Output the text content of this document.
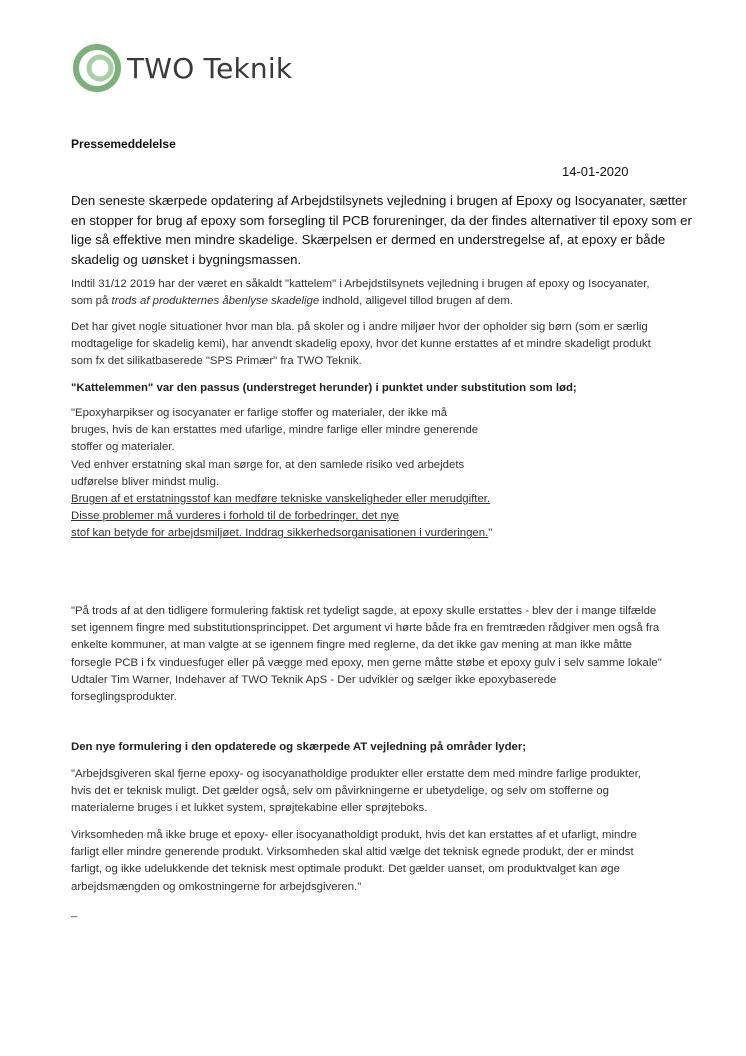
TWO Teknik
Pressemeddelelse
14-01-2020

Den seneste skærpede opdatering af Arbejdstilsynets vejledning i brugen af Epoxy og Isocyanater, sætter

en stopper for brug af epoxy som forsegling til PCB forureninger, da der findes alternativer til epoxy som er

lige så effektive men mindre skadelige. Skærpelsen er dermed en understregelse af, at epoxy er både

skadelig og uønsket i bygningsmassen.

Indtil 31/12 2019 har der været en såkaldt "kattelem" i Arbejdstilsynets vejledning i brugen af epoxy og Isocyanater,

som på trods af produkternes åbenlyse skadelige indhold, alligevel tillod brugen af dem.

Det har givet nogle situationer hvor man bla. på skoler og i andre miljøer hvor der opholder sig børn (som er særlig

modtagelige for skadelig kemi), har anvendt skadelig epoxy, hvor det kunne erstattes af et mindre skadeligt produkt

som fx det silikatbaserede "SPS Primær" fra TWO Teknik.

"Kattelemmen" var den passus (understreget herunder) i punktet under substitution som lød;

"Epoxyharpikser og isocyanater er farlige stoffer og materialer, der ikke må

bruges, hvis de kan erstattes med ufarlige, mindre farlige eller mindre generende

stoffer og materialer.

Ved enhver erstatning skal man sørge for, at den samlede risiko ved arbejdets

udførelse bliver mindst mulig.

Brugen af et erstatningsstof kan medføre tekniske vanskeligheder eller merudgifter.

Disse problemer må vurderes i forhold til de forbedringer, det nye

stof kan betyde for arbejdsmiljøet. Inddrag sikkerhedsorganisationen i vurderingen."

"På trods af at den tidligere formulering faktisk ret tydeligt sagde, at epoxy skulle erstattes - blev der i mange tilfælde

set igennem fingre med substitutionsprincippet. Det argument vi hørte både fra en fremtræden rådgiver men også fra

enkelte kommuner, at man valgte at se igennem fingre med reglerne, da det ikke gav mening at man ikke måtte

forsegle PCB i fx vinduesfuger eller på vægge med epoxy, men gerne måtte støbe et epoxy gulv i selv samme lokale"

Udtaler Tim Warner, Indehaver af TWO Teknik ApS - Der udvikler og sælger ikke epoxybaserede

forseglingsprodukter.

Den nye formulering i den opdaterede og skærpede AT vejledning på områder lyder;

"Arbejdsgiveren skal fjerne epoxy- og isocyanatholdige produkter eller erstatte dem med mindre farlige produkter,

hvis det er teknisk muligt. Det gælder også, selv om påvirkningerne er ubetydelige, og selv om stofferne og

materialerne bruges i et lukket system, sprøjtekabine eller sprøjteboks.

Virksomheden må ikke bruge et epoxy- eller isocyanatholdigt produkt, hvis det kan erstattes af et ufarligt, mindre

farligt eller mindre generende produkt. Virksomheden skal altid vælge det teknisk egnede produkt, der er mindst

farligt, og ikke udelukkende det teknisk mest optimale produkt. Det gælder uanset, om produktvalget kan øge

arbejdsmængden og omkostningerne for arbejdsgiveren."

_
